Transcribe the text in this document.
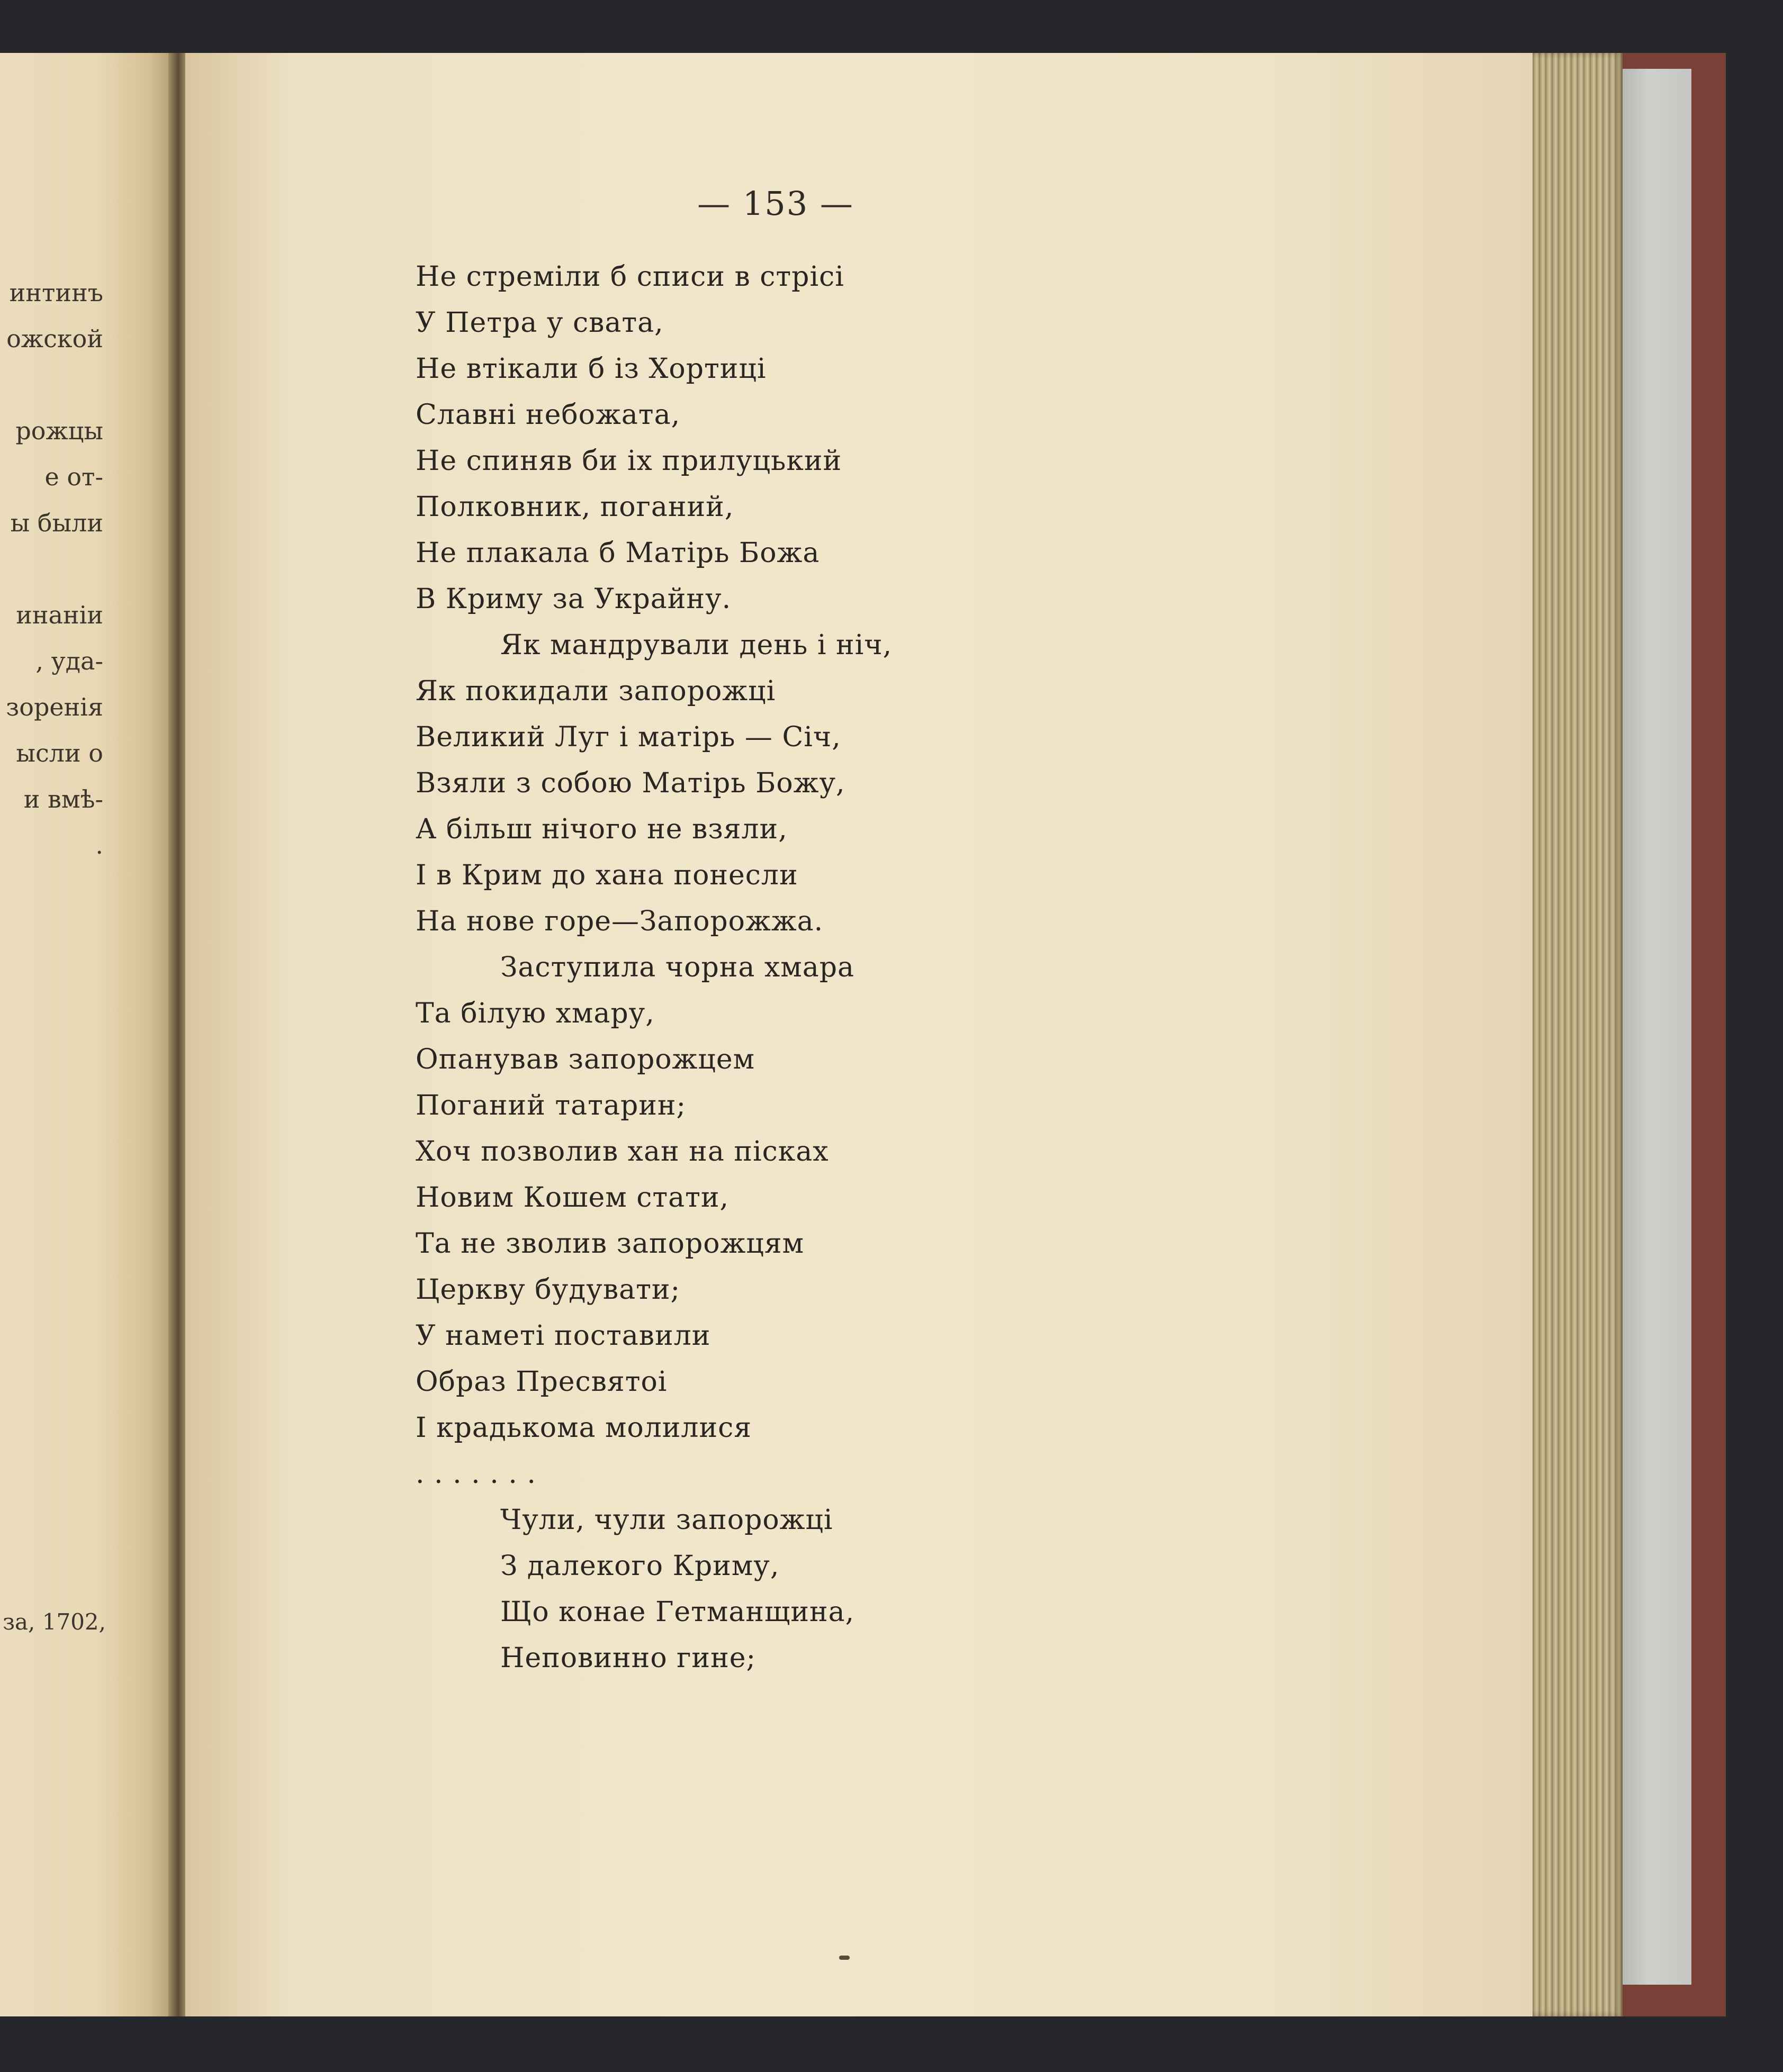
интинъ
ожской
рожцы
е от-
ы были
инаніи
, уда-
зоренія
ысли о
и вмѣ-
.
за, 1702,
— 153 —
Не стреміли б списи в стрісі
У Петра у свата,
Не втікали б із Хортиці
Славні небожата,
Не спиняв би іх прилуцький
Полковник, поганий,
Не плакала б Матірь Божа
В Криму за Украйну.
Як мандрували день і ніч,
Як покидали запорожці
Великий Луг і матірь — Січ,
Взяли з собою Матірь Божу,
А більш нічого не взяли,
І в Крим до хана понесли
На нове горе—Запорожжа.
Заступила чорна хмара
Та білую хмару,
Опанував запорожцем
Поганий татарин;
Хоч позволив хан на пісках
Новим Кошем стати,
Та не зволив запорожцям
Церкву будувати;
У наметі поставили
Образ Пресвятоі
І крадькома молилися
. . . . . . .
Чули, чули запорожці
З далекого Криму,
Що конае Гетманщина,
Неповинно гине;
